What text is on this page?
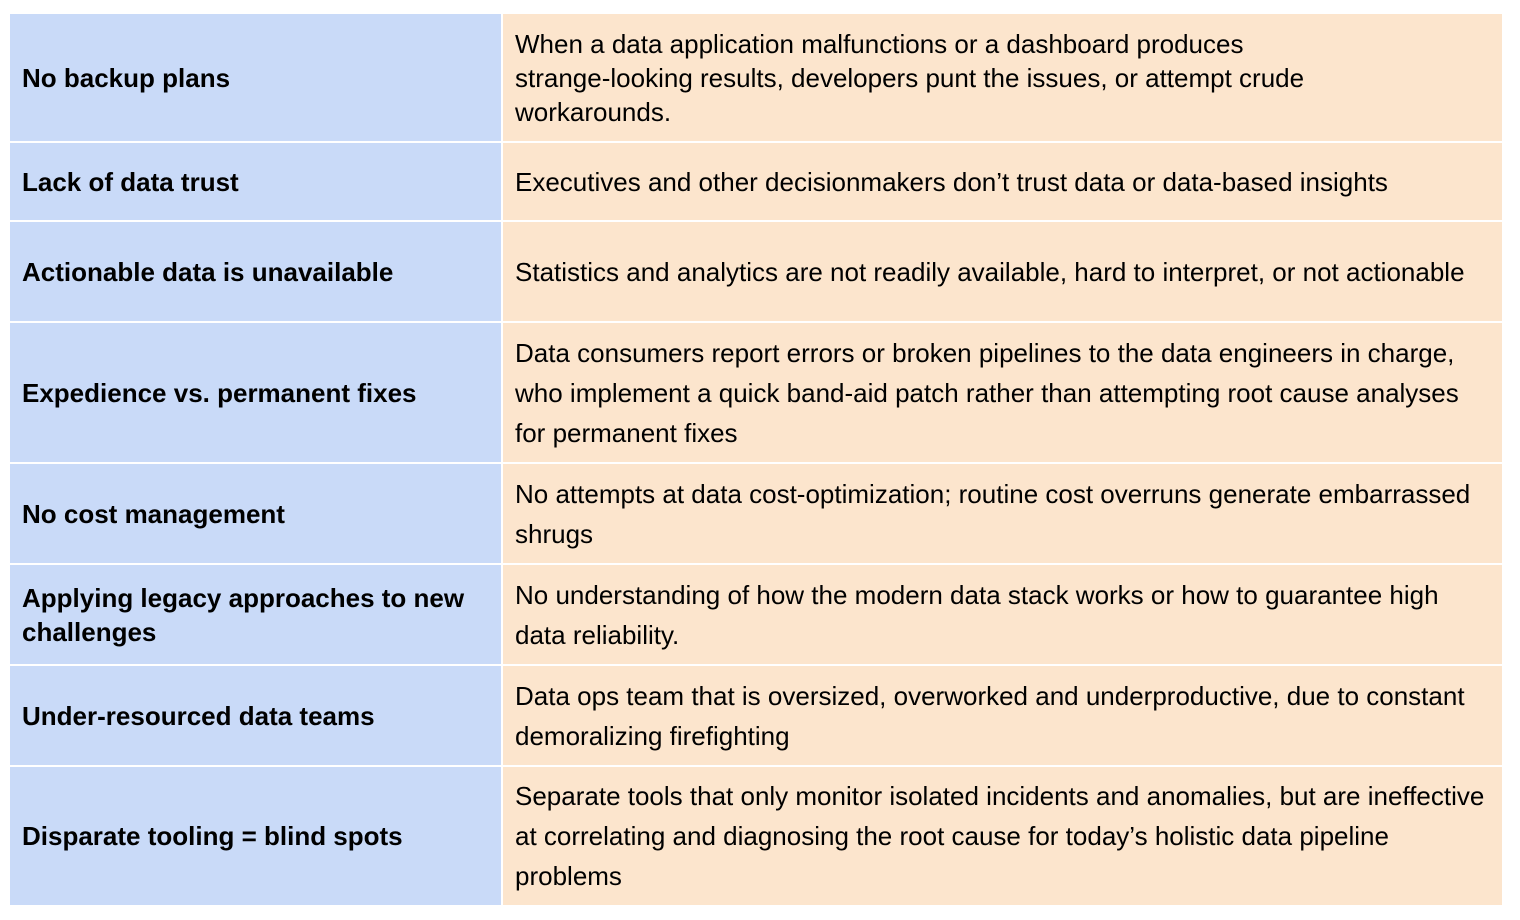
No backup plans	When a data application malfunctions or a dashboard produces strange-looking results, developers punt the issues, or attempt crude workarounds.

Lack of data trust	Executives and other decisionmakers don’t trust data or data-based insights

Actionable data is unavailable	Statistics and analytics are not readily available, hard to interpret, or not actionable

Expedience vs. permanent fixes	Data consumers report errors or broken pipelines to the data engineers in charge, who implement a quick band-aid patch rather than attempting root cause analyses for permanent fixes

No cost management	No attempts at data cost-optimization; routine cost overruns generate embarrassed shrugs

Applying legacy approaches to new challenges	No understanding of how the modern data stack works or how to guarantee high data reliability.

Under-resourced data teams	Data ops team that is oversized, overworked and underproductive, due to constant demoralizing firefighting

Disparate tooling = blind spots	Separate tools that only monitor isolated incidents and anomalies, but are ineffective at correlating and diagnosing the root cause for today’s holistic data pipeline problems
